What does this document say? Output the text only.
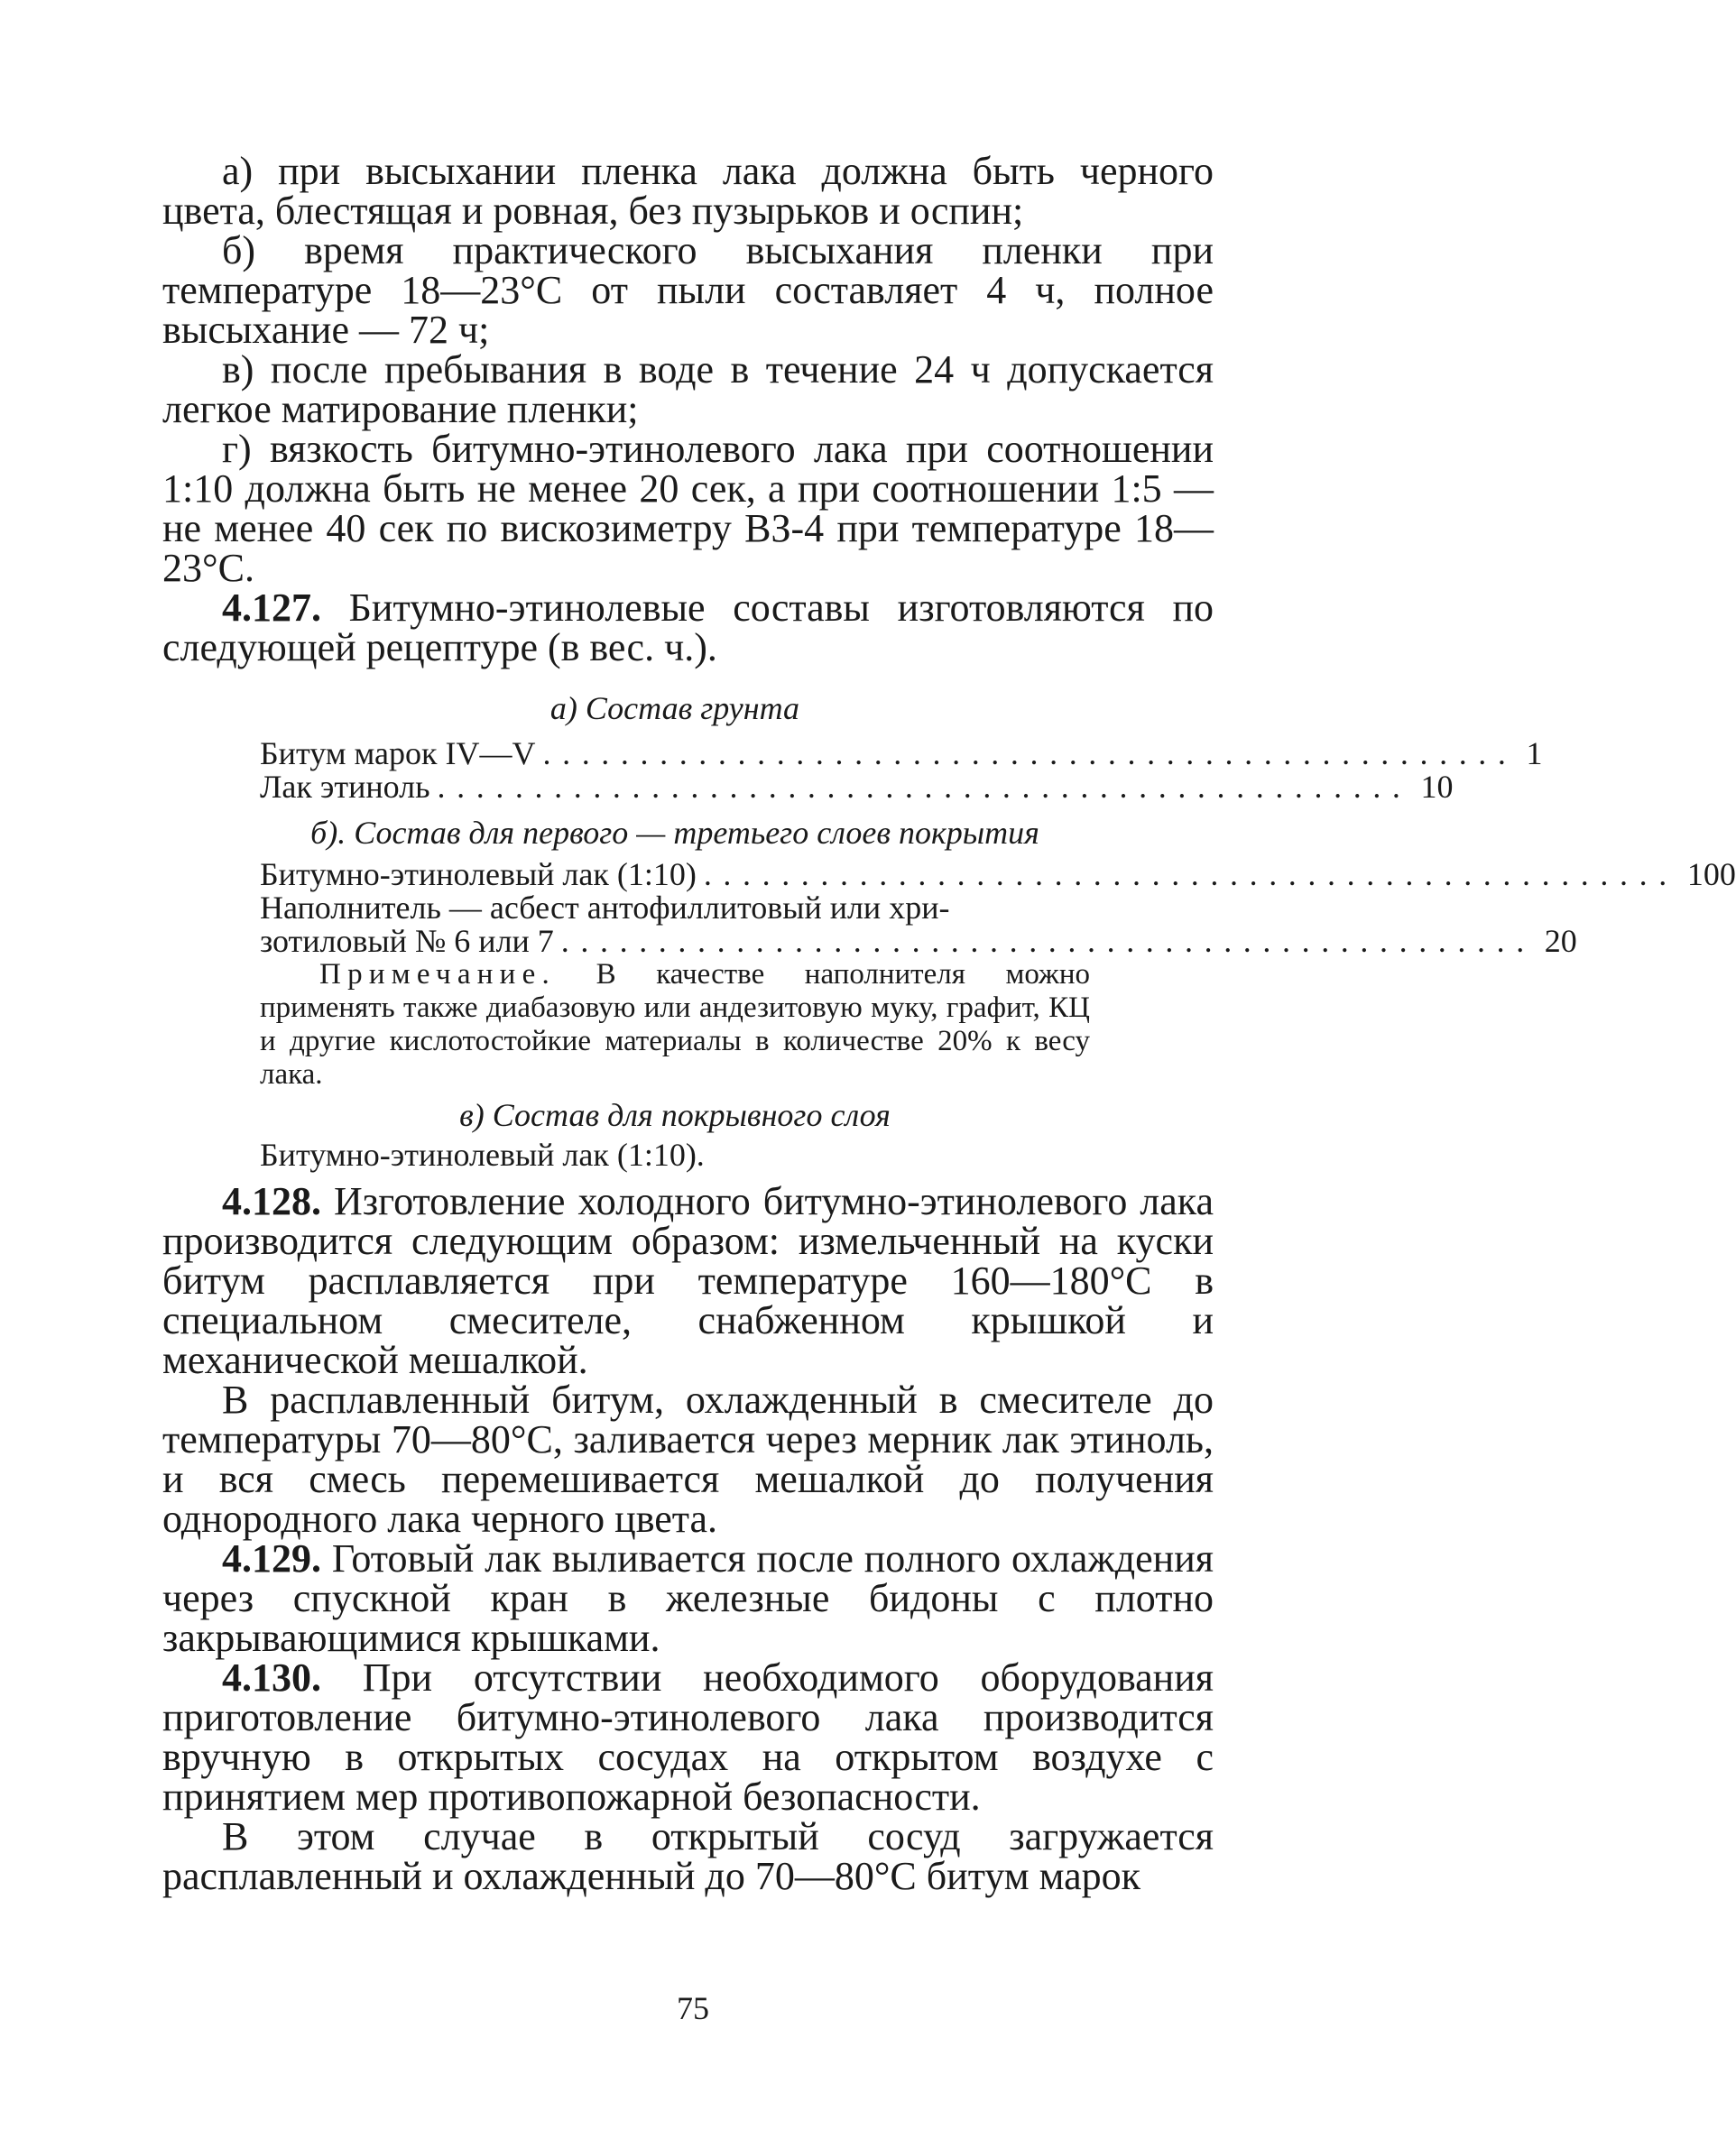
а) при высыхании пленка лака должна быть черного цвета, блестящая и ровная, без пузырьков и оспин;

б) время практического высыхания пленки при температуре 18—23°С от пыли составляет 4 ч, полное высыхание — 72 ч;

в) после пребывания в воде в течение 24 ч допускается легкое матирование пленки;

г) вязкость битумно-этинолевого лака при соотношении 1:10 должна быть не менее 20 сек, а при соотношении 1:5 — не менее 40 сек по вискозиметру ВЗ-4 при температуре 18—23°С.

4.127. Битумно-этинолевые составы изготовляются по следующей рецептуре (в вес. ч.).

а) Состав грунта
Битум марок IV—V .................................................. 1
Лак этиноль .................................................. 10
б). Состав для первого — третьего слоев покрытия
Битумно-этинолевый лак (1:10) .................................................. 100

Наполнитель — асбест антофиллитовый или хри-

зотиловый № 6 или 7 .................................................. 20

Примечание. В качестве наполнителя можно применять также диабазовую или андезитовую муку, графит, КЦ и другие кислотостойкие материалы в количестве 20% к весу лака.

в) Состав для покрывного слоя

Битумно-этинолевый лак (1:10).

4.128. Изготовление холодного битумно-этинолевого лака производится следующим образом: измельченный на куски битум расплавляется при температуре 160—180°С в специальном смесителе, снабженном крышкой и механической мешалкой.

В расплавленный битум, охлажденный в смесителе до температуры 70—80°С, заливается через мерник лак этиноль, и вся смесь перемешивается мешалкой до получения однородного лака черного цвета.

4.129. Готовый лак выливается после полного охлаждения через спускной кран в железные бидоны с плотно закрывающимися крышками.

4.130. При отсутствии необходимого оборудования приготовление битумно-этинолевого лака производится вручную в открытых сосудах на открытом воздухе с принятием мер противопожарной безопасности.

В этом случае в открытый сосуд загружается расплавленный и охлажденный до 70—80°С битум марок

75
